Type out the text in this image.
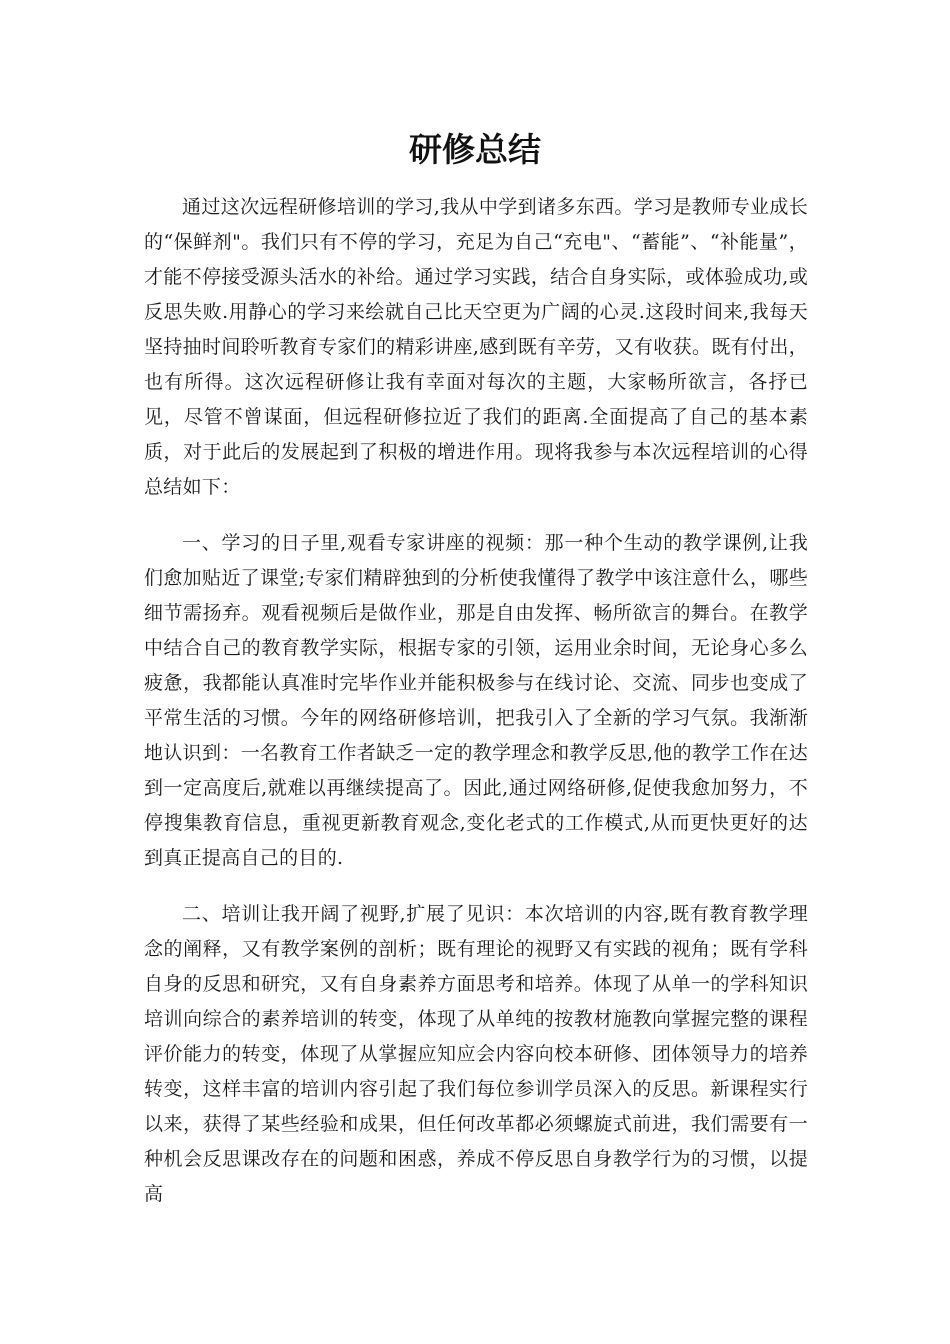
研修总结

通过这次远程研修培训的学习,我从中学到诸多东西。学习是教师专业成长的“保鲜剂"。我们只有不停的学习，充足为自己“充电"、“蓄能”、“补能量”，才能不停接受源头活水的补给。通过学习实践，结合自身实际，或体验成功,或反思失败.用静心的学习来绘就自己比天空更为广阔的心灵.这段时间来,我每天坚持抽时间聆听教育专家们的精彩讲座,感到既有辛劳，又有收获。既有付出，也有所得。这次远程研修让我有幸面对每次的主题，大家畅所欲言，各抒已见，尽管不曾谋面，但远程研修拉近了我们的距离.全面提高了自己的基本素质，对于此后的发展起到了积极的增进作用。现将我参与本次远程培训的心得总结如下：

一、学习的日子里,观看专家讲座的视频：那一种个生动的教学课例,让我们愈加贴近了课堂;专家们精辟独到的分析使我懂得了教学中该注意什么，哪些细节需扬弃。观看视频后是做作业，那是自由发挥、畅所欲言的舞台。在教学中结合自己的教育教学实际，根据专家的引领，运用业余时间，无论身心多么疲惫，我都能认真准时完毕作业并能积极参与在线讨论、交流、同步也变成了平常生活的习惯。今年的网络研修培训，把我引入了全新的学习气氛。我渐渐地认识到：一名教育工作者缺乏一定的教学理念和教学反思,他的教学工作在达到一定高度后,就难以再继续提高了。因此,通过网络研修,促使我愈加努力，不停搜集教育信息，重视更新教育观念,变化老式的工作模式,从而更快更好的达到真正提高自己的目的.

二、培训让我开阔了视野,扩展了见识：本次培训的内容,既有教育教学理念的阐释，又有教学案例的剖析；既有理论的视野又有实践的视角；既有学科自身的反思和研究，又有自身素养方面思考和培养。体现了从单一的学科知识培训向综合的素养培训的转变，体现了从单纯的按教材施教向掌握完整的课程评价能力的转变，体现了从掌握应知应会内容向校本研修、团体领导力的培养转变，这样丰富的培训内容引起了我们每位参训学员深入的反思。新课程实行以来，获得了某些经验和成果，但任何改革都必须螺旋式前进，我们需要有一种机会反思课改存在的问题和困惑，养成不停反思自身教学行为的习惯，以提高
